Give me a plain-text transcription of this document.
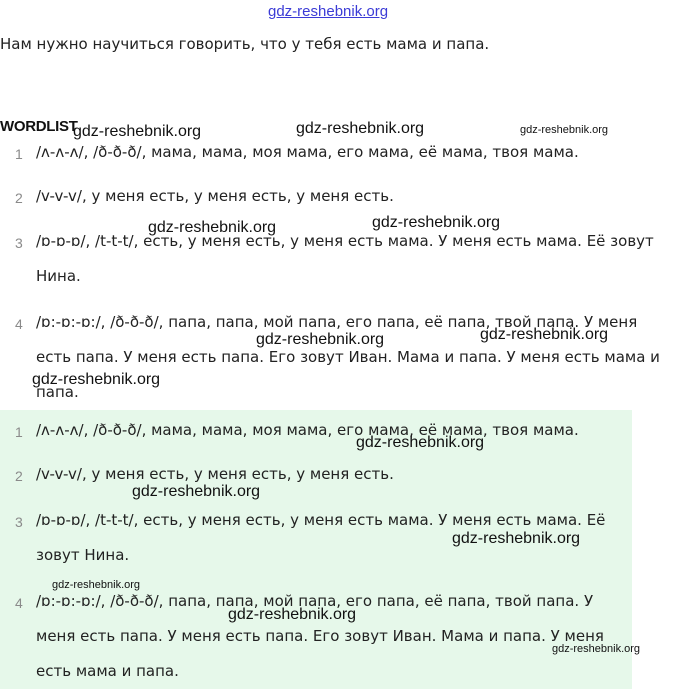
gdz-reshebnik.org
Нам нужно научиться говорить, что у тебя есть мама и папа.
WORDLIST
1 /ʌ-ʌ-ʌ/, /ð-ð-ð/, мама, мама, моя мама, его мама, её мама, твоя мама.
2 /v-v-v/, у меня есть, у меня есть, у меня есть.
3 /ɒ-ɒ-ɒ/, /t-t-t/, есть, у меня есть, у меня есть мама. У меня есть мама. Её зовут Нина.
4 /ɒ:-ɒ:-ɒ:/, /ð-ð-ð/, папа, папа, мой папа, его папа, её папа, твой папа. У меня есть папа. У меня есть папа. Его зовут Иван. Мама и папа. У меня есть мама и папа.
1 /ʌ-ʌ-ʌ/, /ð-ð-ð/, мама, мама, моя мама, его мама, её мама, твоя мама.
2 /v-v-v/, у меня есть, у меня есть, у меня есть.
3 /ɒ-ɒ-ɒ/, /t-t-t/, есть, у меня есть, у меня есть мама. У меня есть мама. Её зовут Нина.
4 /ɒ:-ɒ:-ɒ:/, /ð-ð-ð/, папа, папа, мой папа, его папа, её папа, твой папа. У меня есть папа. У меня есть папа. Его зовут Иван. Мама и папа. У меня есть мама и папа.
gdz-reshebnik.org	gdz-reshebnik.org	gdz-reshebnik.org
gdz-reshebnik.org	gdz-reshebnik.org
gdz-reshebnik.org	gdz-reshebnik.org
gdz-reshebnik.org
gdz-reshebnik.org
gdz-reshebnik.org
gdz-reshebnik.org
gdz-reshebnik.org
gdz-reshebnik.org
gdz-reshebnik.org
